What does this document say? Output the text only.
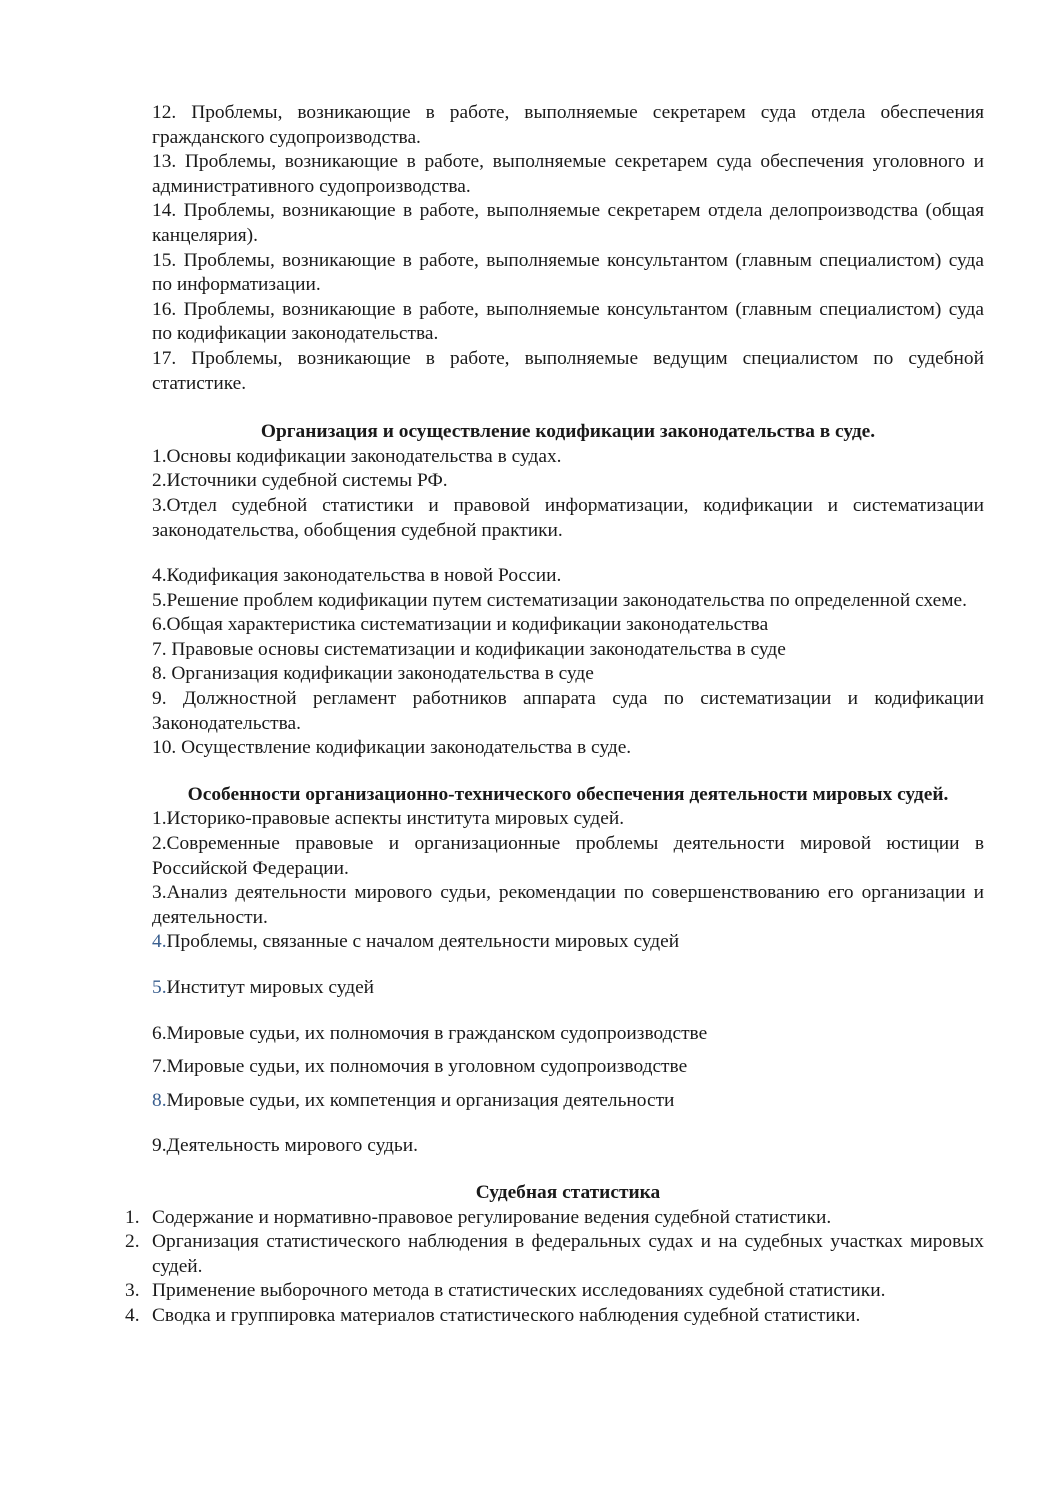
12. Проблемы, возникающие в работе, выполняемые секретарем суда отдела обеспечения гражданского судопроизводства.

13. Проблемы, возникающие в работе, выполняемые секретарем суда обеспечения уголовного и административного судопроизводства.

14. Проблемы, возникающие в работе, выполняемые секретарем отдела делопроизводства (общая канцелярия).

15. Проблемы, возникающие в работе, выполняемые консультантом (главным специалистом) суда по информатизации.

16. Проблемы, возникающие в работе, выполняемые консультантом (главным специалистом) суда по кодификации законодательства.

17. Проблемы, возникающие в работе, выполняемые ведущим специалистом по судебной статистике.

Организация и осуществление кодификации законодательства в суде.

1.Основы кодификации законодательства в судах.

2.Источники судебной системы РФ.

3.Отдел судебной статистики и правовой информатизации, кодификации и систематизации законодательства, обобщения судебной практики.

4.Кодификация законодательства в новой России.

5.Решение проблем кодификации путем систематизации законодательства по определенной схеме.

6.Общая характеристика систематизации и кодификации законодательства

7. Правовые основы систематизации и кодификации законодательства в суде

8. Организация кодификации законодательства в суде

9. Должностной регламент работников аппарата суда по систематизации и кодификации Законодательства.

10. Осуществление кодификации законодательства в суде.

Особенности организационно-технического обеспечения деятельности мировых судей.

1.Историко-правовые аспекты института мировых судей.

2.Современные правовые и организационные проблемы деятельности мировой юстиции в Российской Федерации.

3.Анализ деятельности мирового судьи, рекомендации по совершенствованию его организации и деятельности.

4.Проблемы, связанные с началом деятельности мировых судей

5.Институт мировых судей

6.Мировые судьи, их полномочия в гражданском судопроизводстве

7.Мировые судьи, их полномочия в уголовном судопроизводстве

8.Мировые судьи, их компетенция и организация деятельности

9.Деятельность мирового судьи.

Судебная статистика

1. Содержание и нормативно-правовое регулирование ведения судебной статистики.
2. Организация статистического наблюдения в федеральных судах и на судебных участках мировых судей.
3. Применение выборочного метода в статистических исследованиях судебной статистики.
4. Сводка и группировка материалов статистического наблюдения судебной статистики.
